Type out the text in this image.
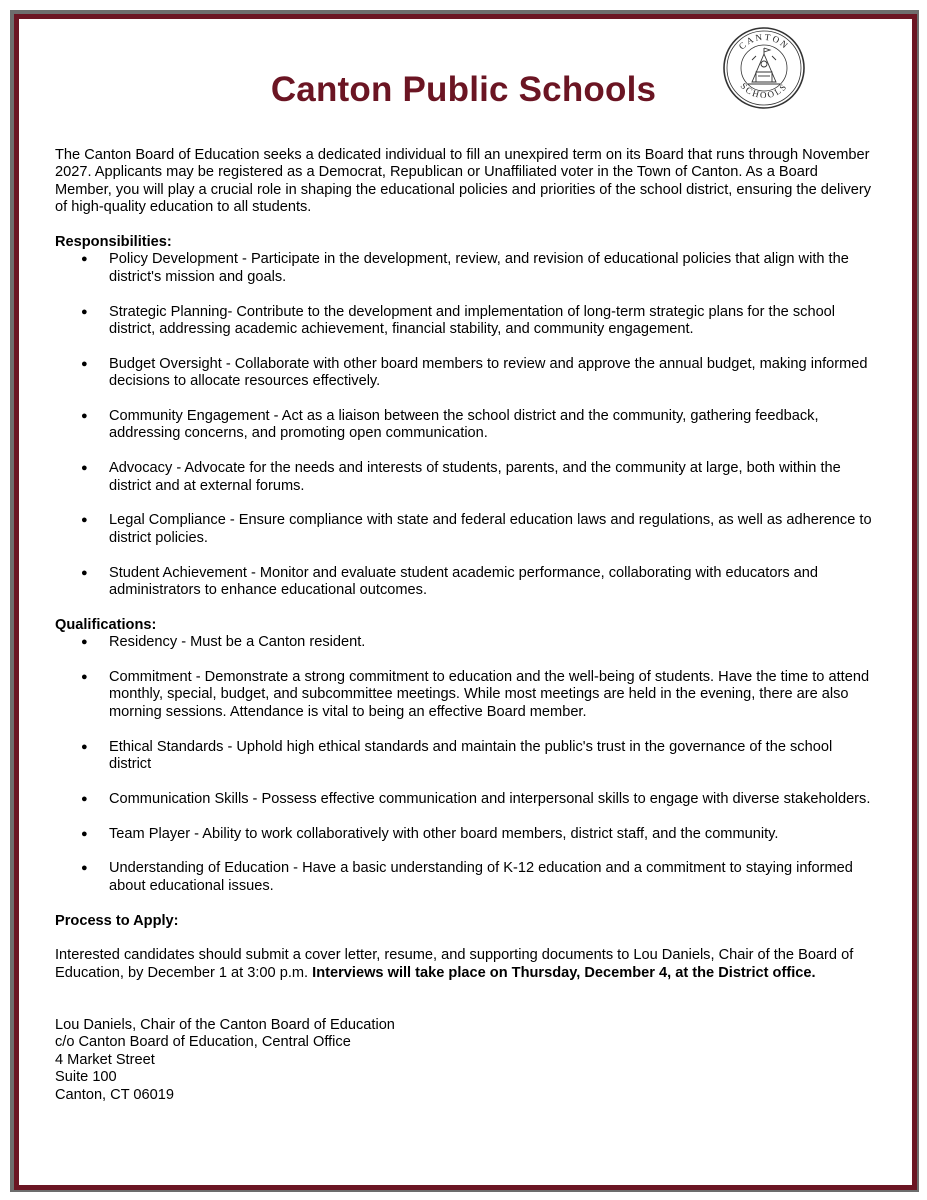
Canton Public Schools
CANTON
SCHOOLS

The Canton Board of Education seeks a dedicated individual to fill an unexpired term on its Board that runs through November 2027. Applicants may be registered as a Democrat, Republican or Unaffiliated voter in the Town of Canton. As a Board Member, you will play a crucial role in shaping the educational policies and priorities of the school district, ensuring the delivery of high-quality education to all students.

Responsibilities:

● Policy Development - Participate in the development, review, and revision of educational policies that align with the district's mission and goals.
● Strategic Planning- Contribute to the development and implementation of long-term strategic plans for the school district, addressing academic achievement, financial stability, and community engagement.
● Budget Oversight - Collaborate with other board members to review and approve the annual budget, making informed decisions to allocate resources effectively.
● Community Engagement - Act as a liaison between the school district and the community, gathering feedback, addressing concerns, and promoting open communication.
● Advocacy - Advocate for the needs and interests of students, parents, and the community at large, both within the district and at external forums.
● Legal Compliance - Ensure compliance with state and federal education laws and regulations, as well as adherence to district policies.
● Student Achievement - Monitor and evaluate student academic performance, collaborating with educators and administrators to enhance educational outcomes.

Qualifications:

● Residency - Must be a Canton resident.
● Commitment - Demonstrate a strong commitment to education and the well-being of students. Have the time to attend monthly, special, budget, and subcommittee meetings. While most meetings are held in the evening, there are also morning sessions. Attendance is vital to being an effective Board member.
● Ethical Standards - Uphold high ethical standards and maintain the public's trust in the governance of the school district
● Communication Skills - Possess effective communication and interpersonal skills to engage with diverse stakeholders.
● Team Player - Ability to work collaboratively with other board members, district staff, and the community.
● Understanding of Education - Have a basic understanding of K-12 education and a commitment to staying informed about educational issues.

Process to Apply:

Interested candidates should submit a cover letter, resume, and supporting documents to Lou Daniels, Chair of the Board of Education, by December 1 at 3:00 p.m. Interviews will take place on Thursday, December 4, at the District office.

Lou Daniels, Chair of the Canton Board of Education
c/o Canton Board of Education, Central Office
4 Market Street
Suite 100
Canton, CT 06019
